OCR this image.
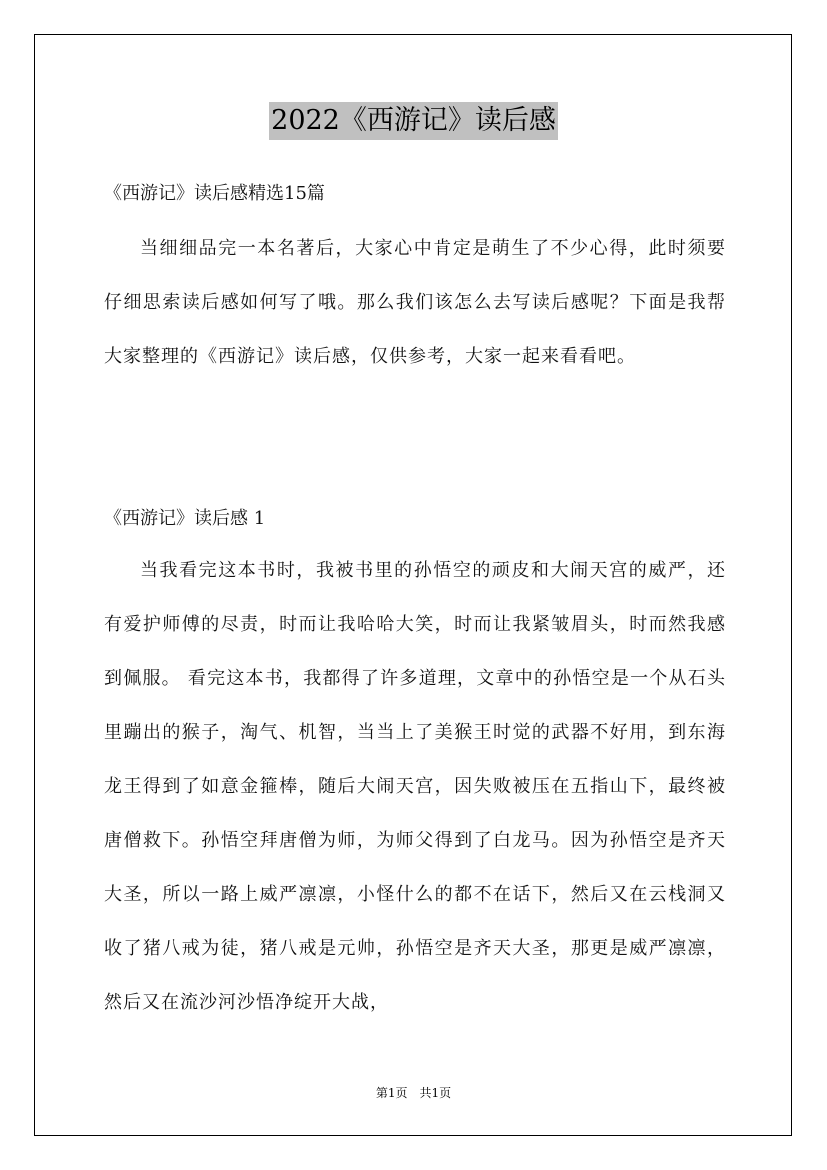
2022《西游记》读后感

《西游记》读后感精选15篇

当细细品完一本名著后，大家心中肯定是萌生了不少心得，此时须要仔细思索读后感如何写了哦。那么我们该怎么去写读后感呢？下面是我帮大家整理的《西游记》读后感，仅供参考，大家一起来看看吧。

《西游记》读后感 1

当我看完这本书时，我被书里的孙悟空的顽皮和大闹天宫的威严，还有爱护师傅的尽责，时而让我哈哈大笑，时而让我紧皱眉头，时而然我感到佩服。 看完这本书，我都得了许多道理，文章中的孙悟空是一个从石头里蹦出的猴子，淘气、机智，当当上了美猴王时觉的武器不好用，到东海龙王得到了如意金箍棒，随后大闹天宫，因失败被压在五指山下，最终被唐僧救下。孙悟空拜唐僧为师，为师父得到了白龙马。因为孙悟空是齐天大圣，所以一路上威严凛凛，小怪什么的都不在话下，然后又在云栈洞又收了猪八戒为徒，猪八戒是元帅，孙悟空是齐天大圣，那更是威严凛凛，然后又在流沙河沙悟净绽开大战，

第1页　共1页
